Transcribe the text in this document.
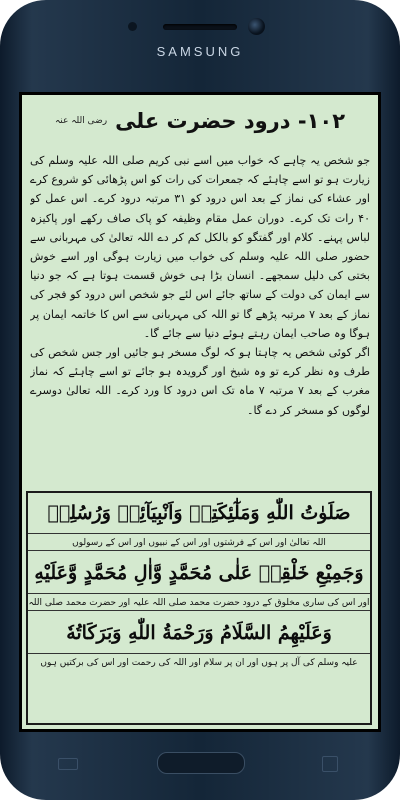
SAMSUNG
۱۰۲- درود حضرت علی
رضی اللہ عنہ

جو شخص یہ چاہے کہ خواب میں اسے نبی کریم صلی اللہ علیہ وسلم کی زیارت ہو تو اسے چاہئے کہ جمعرات کی رات کو اس پڑھائی کو شروع کرے اور عشاء کی نماز کے بعد اس درود کو ۳۱ مرتبہ درود کرے۔ اس عمل کو ۴۰ رات تک کرے۔ دوران عمل مقام وظیفہ کو پاک صاف رکھے اور پاکیزہ لباس پہنے۔ کلام اور گفتگو کو بالکل کم کر دے اللہ تعالیٰ کی مہربانی سے حضور صلی اللہ علیہ وسلم کی خواب میں زیارت ہوگی اور اسے خوش بختی کی دلیل سمجھے۔ انسان بڑا ہی خوش قسمت ہوتا ہے کہ جو دنیا سے ایمان کی دولت کے ساتھ جائے اس لئے جو شخص اس درود کو فجر کی نماز کے بعد ۷ مرتبہ پڑھے گا تو اللہ کی مہربانی سے اس کا خاتمہ ایمان پر ہوگا وہ صاحب ایمان رہتے ہوئے دنیا سے جائے گا۔

اگر کوئی شخص یہ چاہتا ہو کہ لوگ مسخر ہو جائیں اور جس شخص کی طرف وہ نظر کرے تو وہ شیخ اور گرویدہ ہو جائے تو اسے چاہئے کہ نماز مغرب کے بعد ۷ مرتبہ ۷ ماہ تک اس درود کا ورد کرے۔ اللہ تعالیٰ دوسرے لوگوں کو مسخر کر دے گا۔

صَلَوٰتُ اللّٰهِ وَمَلٰٓئِكَتِهٖ وَاَنْبِيَآئِهٖ وَرُسُلِهٖ
اللہ تعالیٰ اور اس کے فرشتوں اور اس کے نبیوں اور اس کے رسولوں
وَجَمِيْعِ خَلْقِهٖ عَلٰى مُحَمَّدٍ وَّاٰلِ مُحَمَّدٍ وَّعَلَيْهِ
اور اس کی ساری مخلوق کے درود حضرت محمد صلی اللہ علیہ اور حضرت محمد صلی اللہ
وَعَلَيْهِمُ السَّلَامُ وَرَحْمَةُ اللّٰهِ وَبَرَكَاتُهٗ
علیہ وسلم کی آل پر ہوں اور ان پر سلام اور اللہ کی رحمت اور اس کی برکتیں ہوں
